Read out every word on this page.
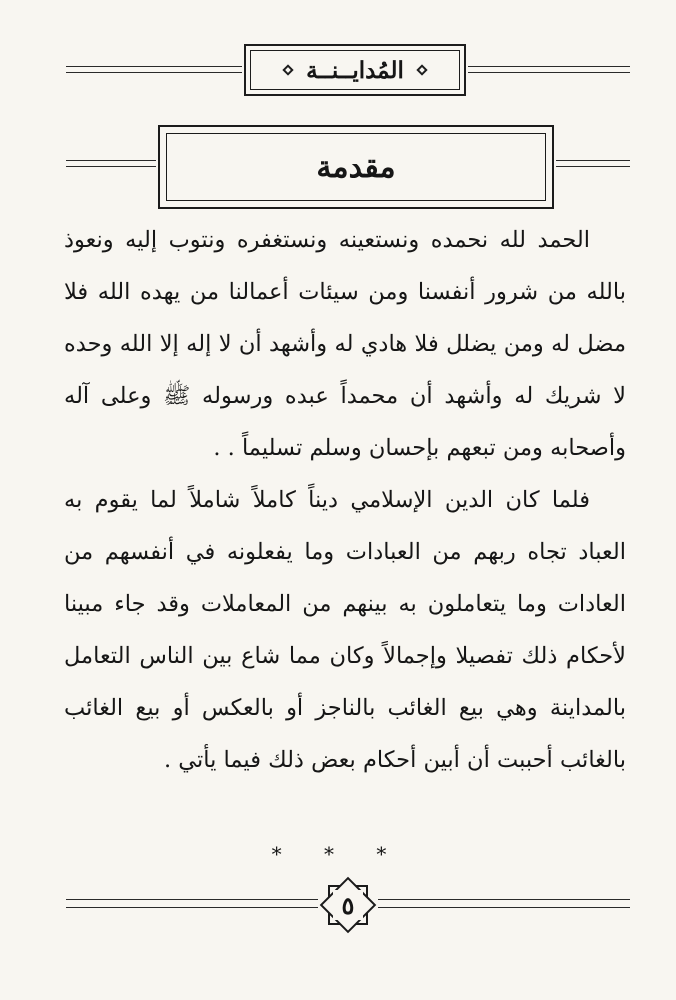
المُدايــنــة
مقدمة

الحمد لله نحمده ونستعينه ونستغفره ونتوب إليه ونعوذ بالله من شرور أنفسنا ومن سيئات أعمالنا من يهده الله فلا مضل له ومن يضلل فلا هادي له وأشهد أن لا إله إلا الله وحده لا شريك له وأشهد أن محمداً عبده ورسوله ﷺ وعلى آله وأصحابه ومن تبعهم بإحسان وسلم تسليماً . .

فلما كان الدين الإسلامي ديناً كاملاً شاملاً لما يقوم به العباد تجاه ربهم من العبادات وما يفعلونه في أنفسهم من العادات وما يتعاملون به بينهم من المعاملات وقد جاء مبينا لأحكام ذلك تفصيلا وإجمالاً وكان مما شاع بين الناس التعامل بالمداينة وهي بيع الغائب بالناجز أو بالعكس أو بيع الغائب بالغائب أحببت أن أبين أحكام بعض ذلك فيما يأتي .

* * *
٥
